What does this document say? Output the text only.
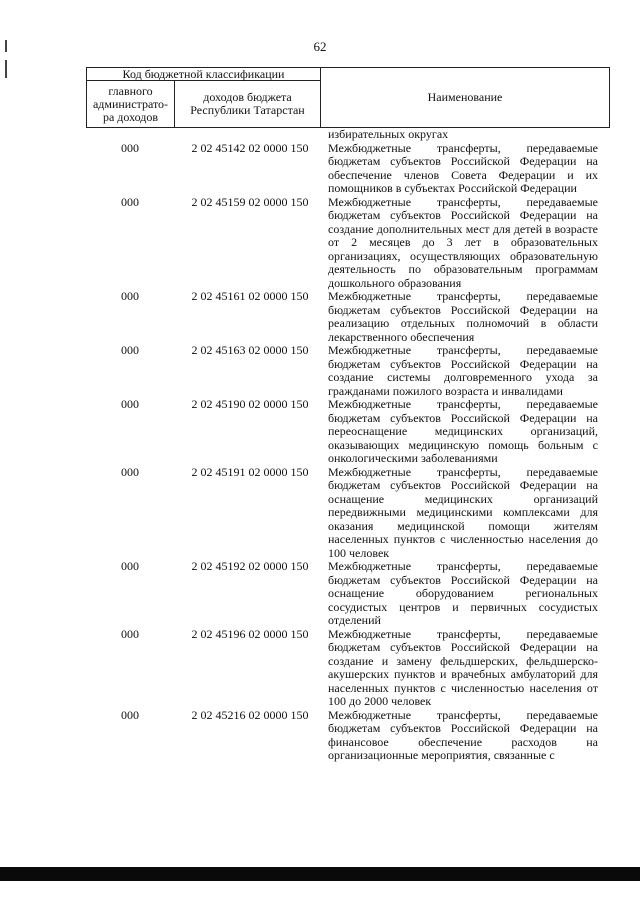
62
Код бюджетной классификации		Наименование
главного администрато-ра доходов	доходов бюджета Республики Татарстан	
избирательных округах
000	2 02 45142 02 0000 150	Межбюджетные трансферты, передаваемые бюджетам субъектов Российской Федерации на обеспечение членов Совета Федерации и их помощников в субъектах Российской Федерации
000	2 02 45159 02 0000 150	Межбюджетные трансферты, передаваемые бюджетам субъектов Российской Федерации на создание дополнительных мест для детей в возрасте от 2 месяцев до 3 лет в образовательных организациях, осуществляющих образовательную деятельность по образовательным программам дошкольного образования
000	2 02 45161 02 0000 150	Межбюджетные трансферты, передаваемые бюджетам субъектов Российской Федерации на реализацию отдельных полномочий в области лекарственного обеспечения
000	2 02 45163 02 0000 150	Межбюджетные трансферты, передаваемые бюджетам субъектов Российской Федерации на создание системы долговременного ухода за гражданами пожилого возраста и инвалидами
000	2 02 45190 02 0000 150	Межбюджетные трансферты, передаваемые бюджетам субъектов Российской Федерации на переоснащение медицинских организаций, оказывающих медицинскую помощь больным с онкологическими заболеваниями
000	2 02 45191 02 0000 150	Межбюджетные трансферты, передаваемые бюджетам субъектов Российской Федерации на оснащение медицинских организаций передвижными медицинскими комплексами для оказания медицинской помощи жителям населенных пунктов с численностью населения до 100 человек
000	2 02 45192 02 0000 150	Межбюджетные трансферты, передаваемые бюджетам субъектов Российской Федерации на оснащение оборудованием региональных сосудистых центров и первичных сосудистых отделений
000	2 02 45196 02 0000 150	Межбюджетные трансферты, передаваемые бюджетам субъектов Российской Федерации на создание и замену фельдшерских, фельдшерско-акушерских пунктов и врачебных амбулаторий для населенных пунктов с численностью населения от 100 до 2000 человек
000	2 02 45216 02 0000 150	Межбюджетные трансферты, передаваемые бюджетам субъектов Российской Федерации на финансовое обеспечение расходов на организационные мероприятия, связанные с
